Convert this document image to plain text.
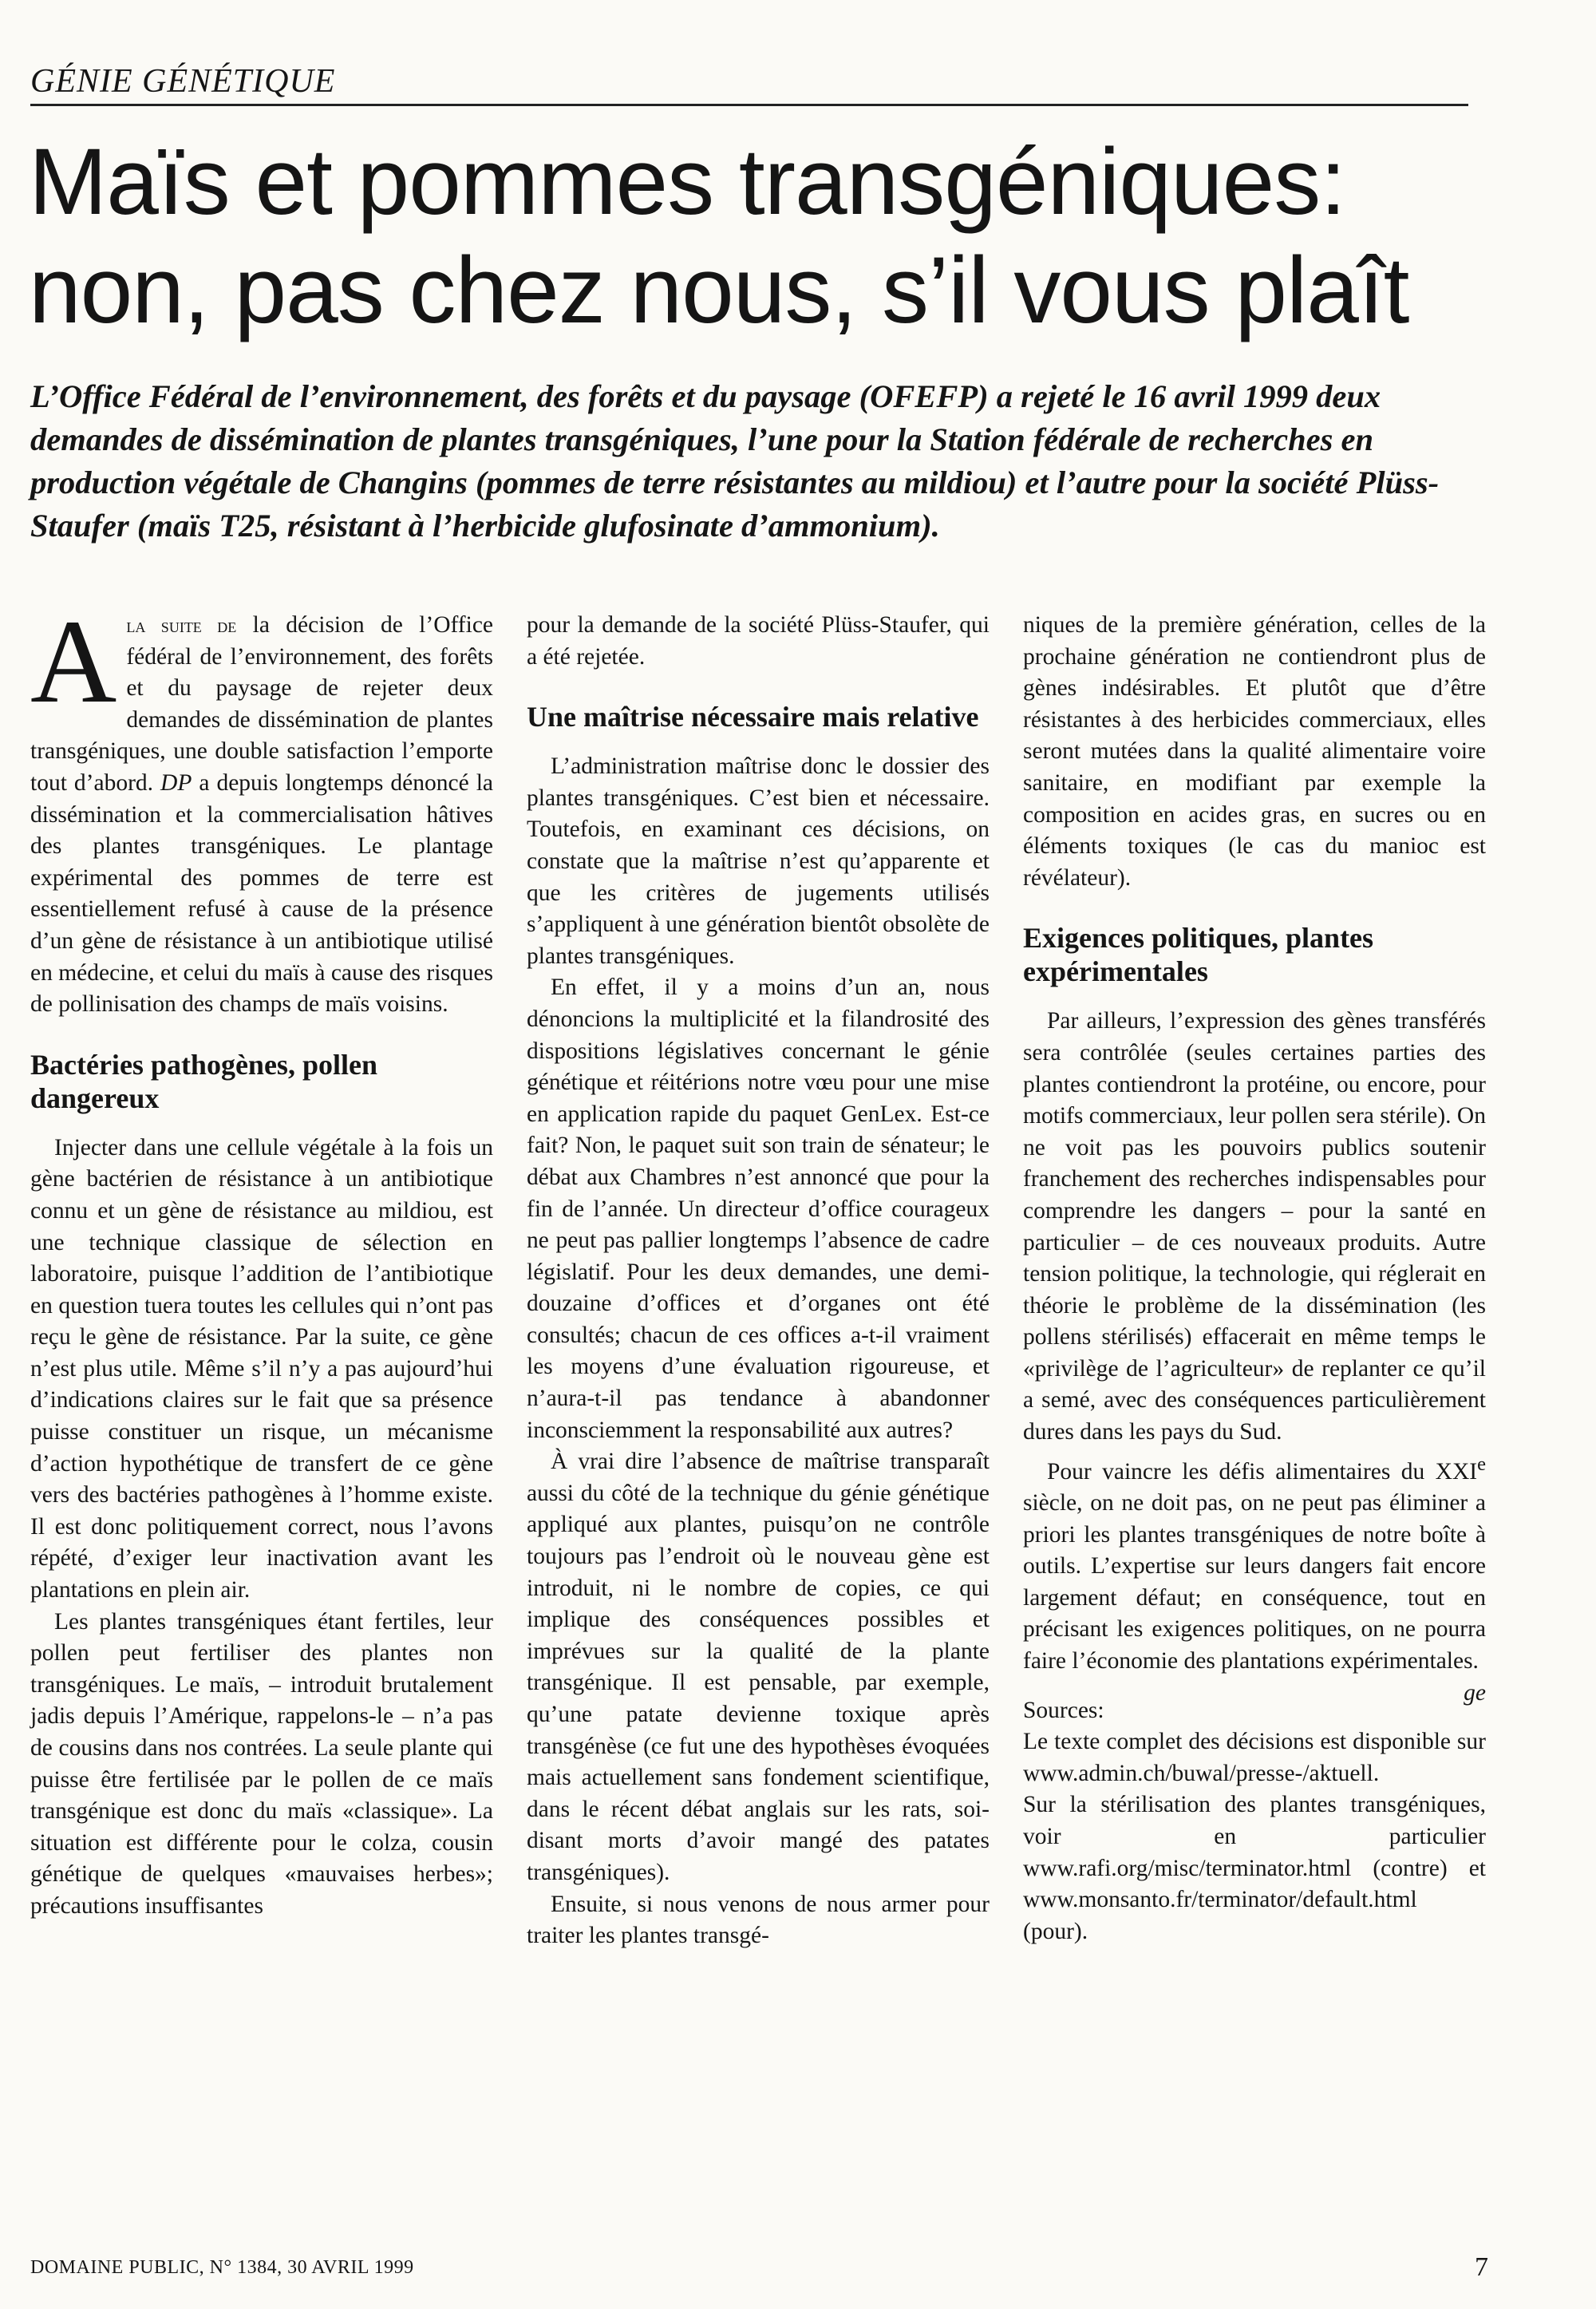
GÉNIE GÉNÉTIQUE
Maïs et pommes transgéniques:
non, pas chez nous, s’il vous plaît

L’Office Fédéral de l’environnement, des forêts et du paysage (OFEFP) a rejeté le 16 avril 1999 deux demandes de dissémination de plantes transgéniques, l’une pour la Station fédérale de recherches en production végétale de Changins (pommes de terre résistantes au mildiou) et l’autre pour la société Plüss-Staufer (maïs T25, résistant à l’herbicide glufosinate d’ammonium).

Ala suite de la décision de l’Office fédéral de l’environnement, des forêts et du paysage de rejeter deux demandes de dissémination de plantes transgéniques, une double satisfaction l’emporte tout d’abord. DP a depuis longtemps dénoncé la dissémination et la commercialisation hâtives des plantes transgéniques. Le plantage expérimental des pommes de terre est essentiellement refusé à cause de la présence d’un gène de résistance à un antibiotique utilisé en médecine, et celui du maïs à cause des risques de pollinisation des champs de maïs voisins.

Bactéries pathogènes, pollen dangereux

Injecter dans une cellule végétale à la fois un gène bactérien de résistance à un antibiotique connu et un gène de résistance au mildiou, est une technique classique de sélection en laboratoire, puisque l’addition de l’antibiotique en question tuera toutes les cellules qui n’ont pas reçu le gène de résistance. Par la suite, ce gène n’est plus utile. Même s’il n’y a pas aujourd’hui d’indications claires sur le fait que sa présence puisse constituer un risque, un mécanisme d’action hypothétique de transfert de ce gène vers des bactéries pathogènes à l’homme existe. Il est donc politiquement correct, nous l’avons répété, d’exiger leur inactivation avant les plantations en plein air.

Les plantes transgéniques étant fertiles, leur pollen peut fertiliser des plantes non transgéniques. Le maïs, – introduit brutalement jadis depuis l’Amérique, rappelons-le – n’a pas de cousins dans nos contrées. La seule plante qui puisse être fertilisée par le pollen de ce maïs transgénique est donc du maïs «classique». La situation est différente pour le colza, cousin génétique de quelques «mauvaises herbes»; précautions insuffisantes

pour la demande de la société Plüss-Staufer, qui a été rejetée.

Une maîtrise nécessaire mais relative

L’administration maîtrise donc le dossier des plantes transgéniques. C’est bien et nécessaire. Toutefois, en examinant ces décisions, on constate que la maîtrise n’est qu’apparente et que les critères de jugements utilisés s’appliquent à une génération bientôt obsolète de plantes transgéniques.

En effet, il y a moins d’un an, nous dénoncions la multiplicité et la filandrosité des dispositions législatives concernant le génie génétique et réitérions notre vœu pour une mise en application rapide du paquet GenLex. Est-ce fait? Non, le paquet suit son train de sénateur; le débat aux Chambres n’est annoncé que pour la fin de l’année. Un directeur d’office courageux ne peut pas pallier longtemps l’absence de cadre législatif. Pour les deux demandes, une demi-douzaine d’offices et d’organes ont été consultés; chacun de ces offices a-t-il vraiment les moyens d’une évaluation rigoureuse, et n’aura-t-il pas tendance à abandonner inconsciemment la responsabilité aux autres?

À vrai dire l’absence de maîtrise transparaît aussi du côté de la technique du génie génétique appliqué aux plantes, puisqu’on ne contrôle toujours pas l’endroit où le nouveau gène est introduit, ni le nombre de copies, ce qui implique des conséquences possibles et imprévues sur la qualité de la plante transgénique. Il est pensable, par exemple, qu’une patate devienne toxique après transgénèse (ce fut une des hypothèses évoquées mais actuellement sans fondement scientifique, dans le récent débat anglais sur les rats, soi-disant morts d’avoir mangé des patates transgéniques).

Ensuite, si nous venons de nous armer pour traiter les plantes transgé-

niques de la première génération, celles de la prochaine génération ne contiendront plus de gènes indésirables. Et plutôt que d’être résistantes à des herbicides commerciaux, elles seront mutées dans la qualité alimentaire voire sanitaire, en modifiant par exemple la composition en acides gras, en sucres ou en éléments toxiques (le cas du manioc est révélateur).

Exigences politiques, plantes expérimentales

Par ailleurs, l’expression des gènes transférés sera contrôlée (seules certaines parties des plantes contiendront la protéine, ou encore, pour motifs commerciaux, leur pollen sera stérile). On ne voit pas les pouvoirs publics soutenir franchement des recherches indispensables pour comprendre les dangers – pour la santé en particulier – de ces nouveaux produits. Autre tension politique, la technologie, qui réglerait en théorie le problème de la dissémination (les pollens stérilisés) effacerait en même temps le «privilège de l’agriculteur» de replanter ce qu’il a semé, avec des conséquences particulièrement dures dans les pays du Sud.

Pour vaincre les défis alimentaires du XXIe siècle, on ne doit pas, on ne peut pas éliminer a priori les plantes transgéniques de notre boîte à outils. L’expertise sur leurs dangers fait encore largement défaut; en conséquence, tout en précisant les exigences politiques, on ne pourra faire l’économie des plantations expérimentales.
ge

Sources:

Le texte complet des décisions est disponible sur www.admin.ch/buwal/presse-/aktuell.

Sur la stérilisation des plantes transgéniques, voir en particulier www.rafi.org/misc/terminator.html (contre) et www.monsanto.fr/terminator/default.html (pour).

DOMAINE PUBLIC, N° 1384, 30 AVRIL 1999	7
